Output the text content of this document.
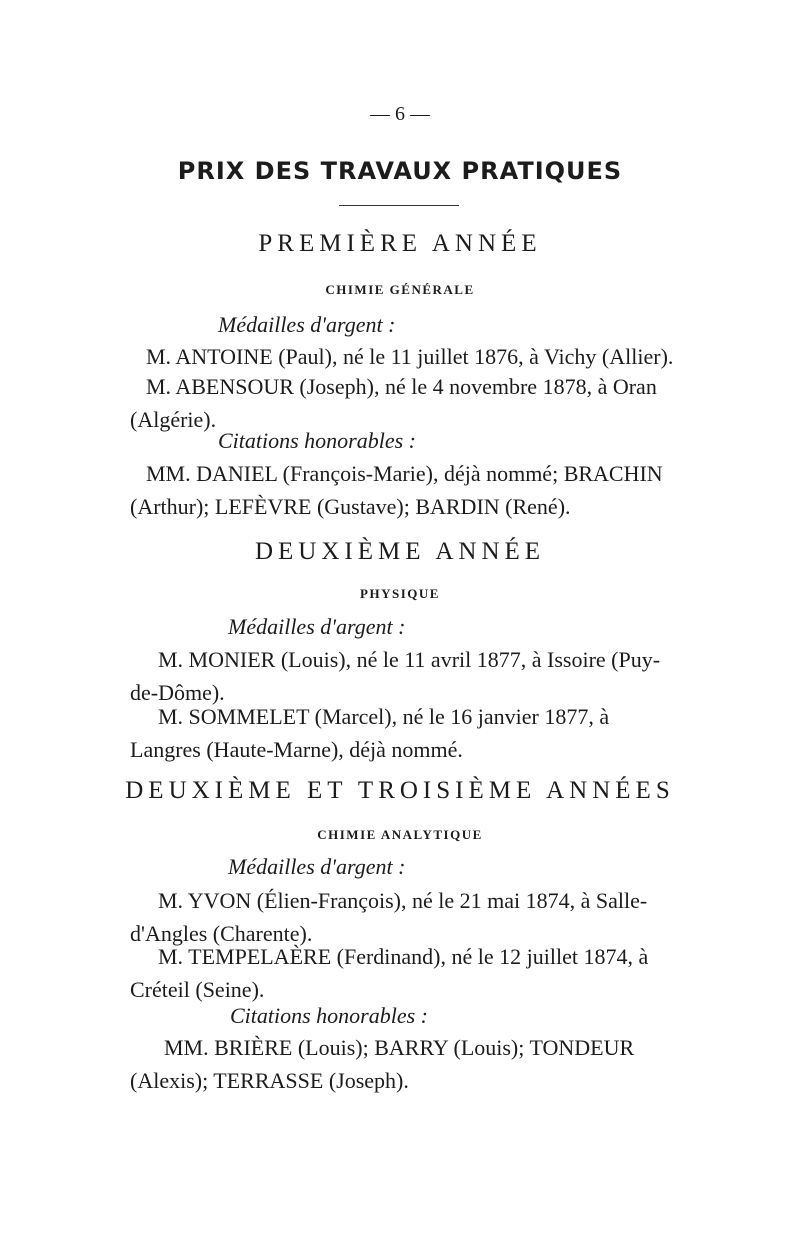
— 6 —
PRIX DES TRAVAUX PRATIQUES
PREMIÈRE ANNÉE
CHIMIE GÉNÉRALE
Médailles d'argent :
M. ANTOINE (Paul), né le 11 juillet 1876, à Vichy (Allier).
M. ABENSOUR (Joseph), né le 4 novembre 1878, à Oran (Algérie).
Citations honorables :
MM. DANIEL (François-Marie), déjà nommé; BRACHIN (Arthur); LEFÈVRE (Gustave); BARDIN (René).
DEUXIÈME ANNÉE
PHYSIQUE
Médailles d'argent :
M. MONIER (Louis), né le 11 avril 1877, à Issoire (Puy-de-Dôme).
M. SOMMELET (Marcel), né le 16 janvier 1877, à Langres (Haute-Marne), déjà nommé.
DEUXIÈME ET TROISIÈME ANNÉES
CHIMIE ANALYTIQUE
Médailles d'argent :
M. YVON (Élien-François), né le 21 mai 1874, à Salle-d'Angles (Charente).
M. TEMPELAÈRE (Ferdinand), né le 12 juillet 1874, à Créteil (Seine).
Citations honorables :
MM. BRIÈRE (Louis); BARRY (Louis); TONDEUR (Alexis); TERRASSE (Joseph).
